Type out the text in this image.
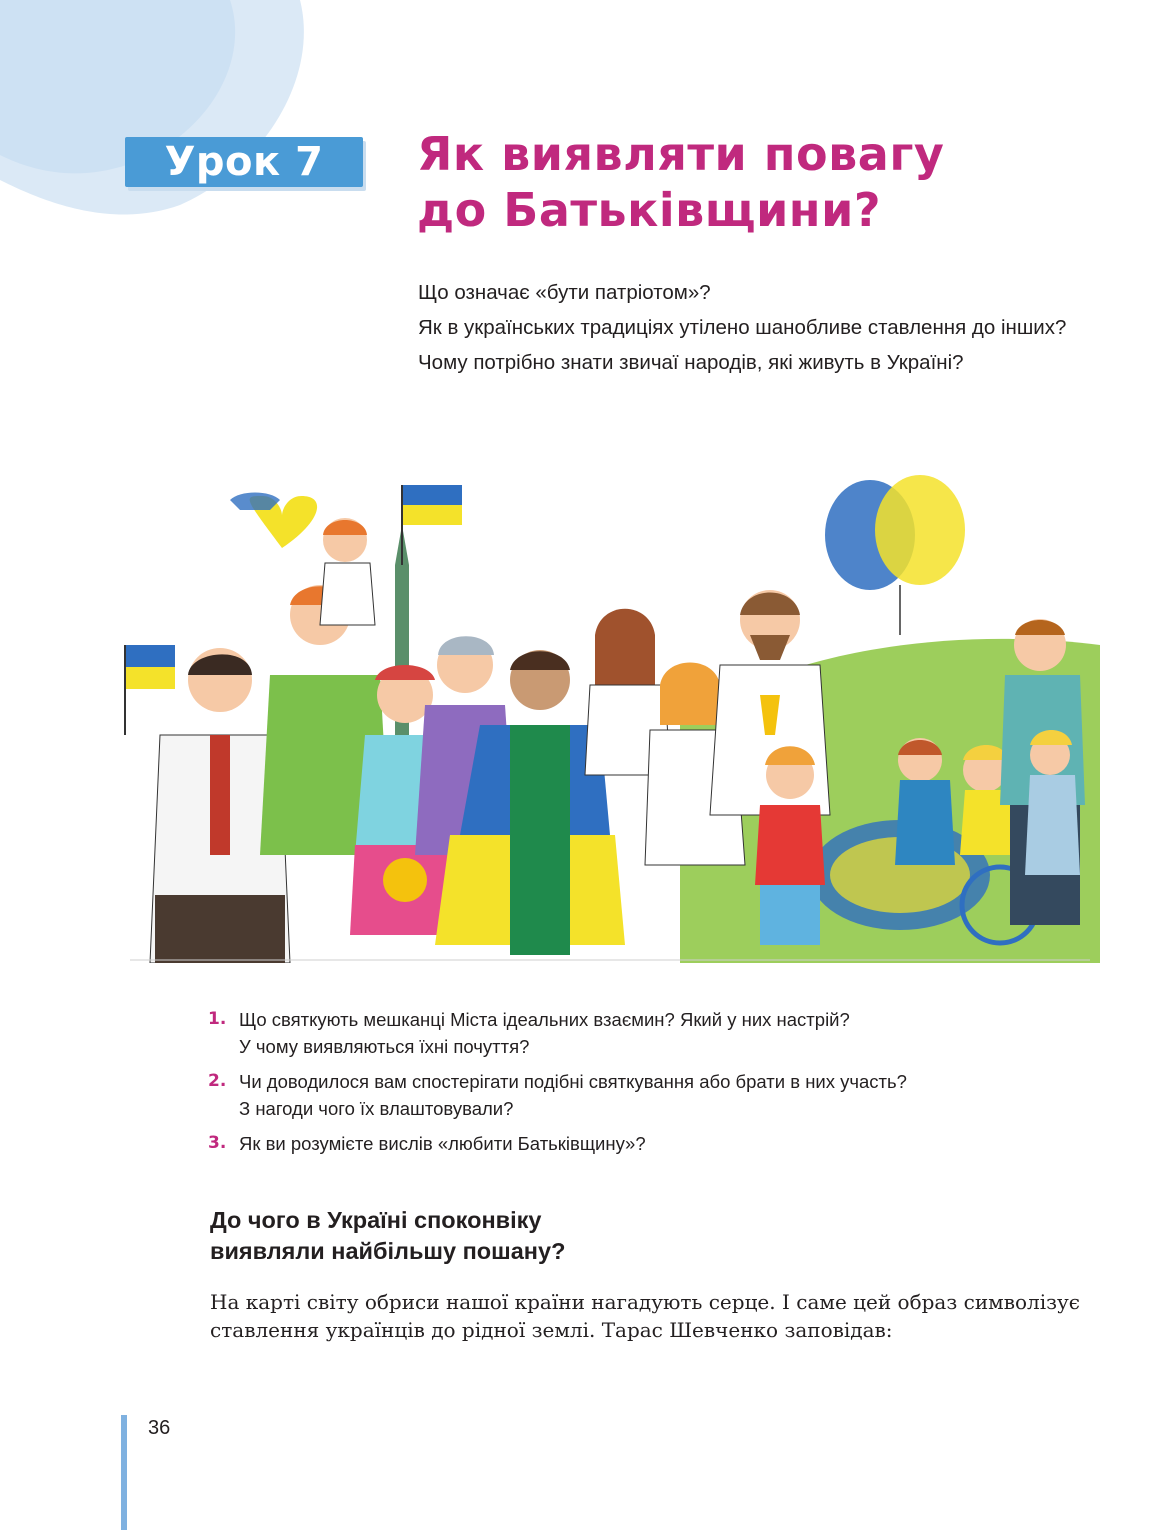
Урок 7	Як виявляти повагу
до Батьківщини?

Що означає «бути патріотом»?

Як в українських традиціях утілено шанобливе ставлення до інших?

Чому потрібно знати звичаї народів, які живуть в Україні?

1. Що святкують мешканці Міста ідеальних взаємин? Який у них настрій?
У чому виявляються їхні почуття?
2. Чи доводилося вам спостерігати подібні святкування або брати в них участь?
З нагоди чого їх влаштовували?
3. Як ви розумієте вислів «любити Батьківщину»?
До чого в Україні споконвіку
виявляли найбільшу пошану?

На карті світу обриси нашої країни нагадують серце. І саме цей образ символізує ставлення українців до рідної землі. Тарас Шевченко заповідав:

36
